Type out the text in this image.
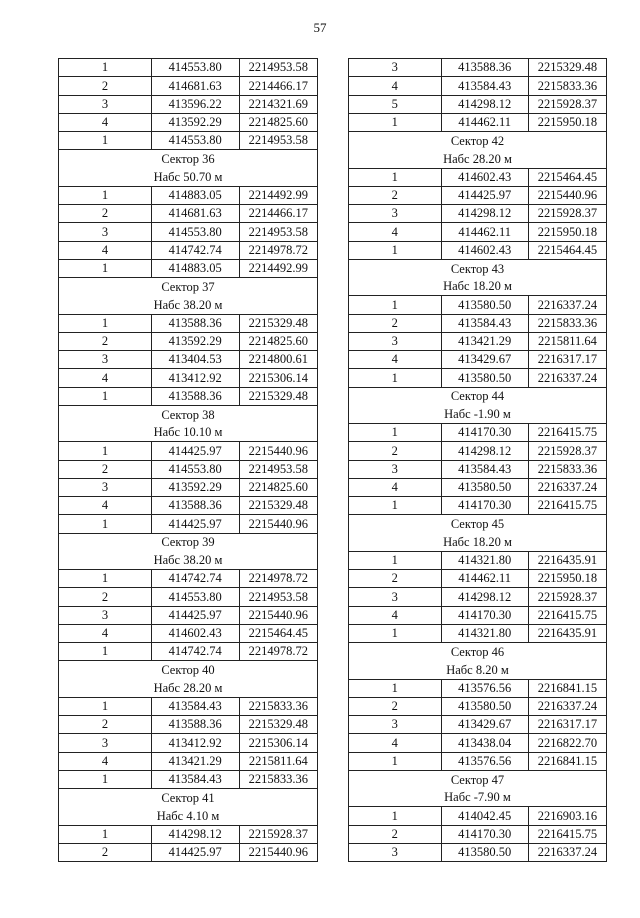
57
1	414553.80	2214953.58
2	414681.63	2214466.17
3	413596.22	2214321.69
4	413592.29	2214825.60
1	414553.80	2214953.58
Сектор 36
Набс 50.70 м
1	414883.05	2214492.99
2	414681.63	2214466.17
3	414553.80	2214953.58
4	414742.74	2214978.72
1	414883.05	2214492.99
Сектор 37
Набс 38.20 м
1	413588.36	2215329.48
2	413592.29	2214825.60
3	413404.53	2214800.61
4	413412.92	2215306.14
1	413588.36	2215329.48
Сектор 38
Набс 10.10 м
1	414425.97	2215440.96
2	414553.80	2214953.58
3	413592.29	2214825.60
4	413588.36	2215329.48
1	414425.97	2215440.96
Сектор 39
Набс 38.20 м
1	414742.74	2214978.72
2	414553.80	2214953.58
3	414425.97	2215440.96
4	414602.43	2215464.45
1	414742.74	2214978.72
Сектор 40
Набс 28.20 м
1	413584.43	2215833.36
2	413588.36	2215329.48
3	413412.92	2215306.14
4	413421.29	2215811.64
1	413584.43	2215833.36
Сектор 41
Набс 4.10 м
1	414298.12	2215928.37
2	414425.97	2215440.96
3	413588.36	2215329.48
4	413584.43	2215833.36
5	414298.12	2215928.37
1	414462.11	2215950.18
Сектор 42
Набс 28.20 м
1	414602.43	2215464.45
2	414425.97	2215440.96
3	414298.12	2215928.37
4	414462.11	2215950.18
1	414602.43	2215464.45
Сектор 43
Набс 18.20 м
1	413580.50	2216337.24
2	413584.43	2215833.36
3	413421.29	2215811.64
4	413429.67	2216317.17
1	413580.50	2216337.24
Сектор 44
Набс -1.90 м
1	414170.30	2216415.75
2	414298.12	2215928.37
3	413584.43	2215833.36
4	413580.50	2216337.24
1	414170.30	2216415.75
Сектор 45
Набс 18.20 м
1	414321.80	2216435.91
2	414462.11	2215950.18
3	414298.12	2215928.37
4	414170.30	2216415.75
1	414321.80	2216435.91
Сектор 46
Набс 8.20 м
1	413576.56	2216841.15
2	413580.50	2216337.24
3	413429.67	2216317.17
4	413438.04	2216822.70
1	413576.56	2216841.15
Сектор 47
Набс -7.90 м
1	414042.45	2216903.16
2	414170.30	2216415.75
3	413580.50	2216337.24
